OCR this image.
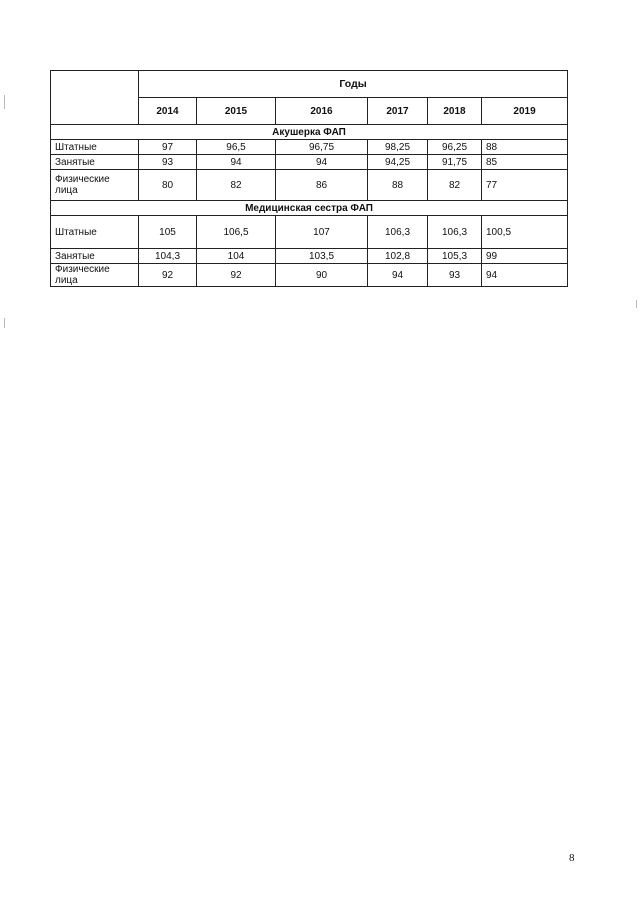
	Годы					
	2014	2015	2016	2017	2018	2019
Акушерка ФАП						
Штатные	97	96,5	96,75	98,25	96,25	88
Занятые	93	94	94	94,25	91,75	85
Физические лица	80	82	86	88	82	77
Медицинская сестра ФАП						
Штатные	105	106,5	107	106,3	106,3	100,5
Занятые	104,3	104	103,5	102,8	105,3	99
Физические лица	92	92	90	94	93	94
8
